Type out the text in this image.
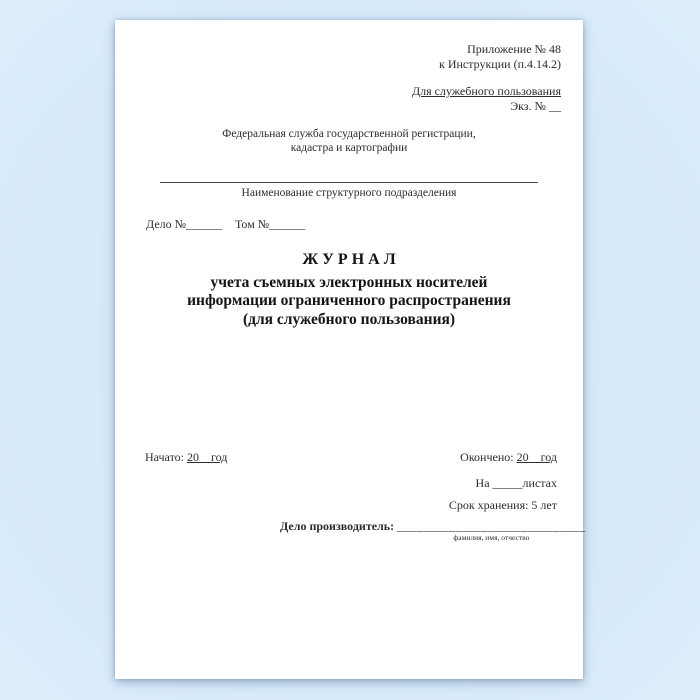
Приложение № 48
к Инструкции (п.4.14.2)
Для служебного пользования
Экз. № __
Федеральная служба государственной регистрации,
кадастра и картографии
Наименование структурного подразделения
Дело №______ Том №______
Ж У Р Н А Л
учета съемных электронных носителей
информации ограниченного распространения
(для служебного пользования)
Начато: 20    год	Окончено: 20    год
На _____листах
Срок хранения: 5 лет
Дело производитель: _____________________________
фамилия, имя, отчество
